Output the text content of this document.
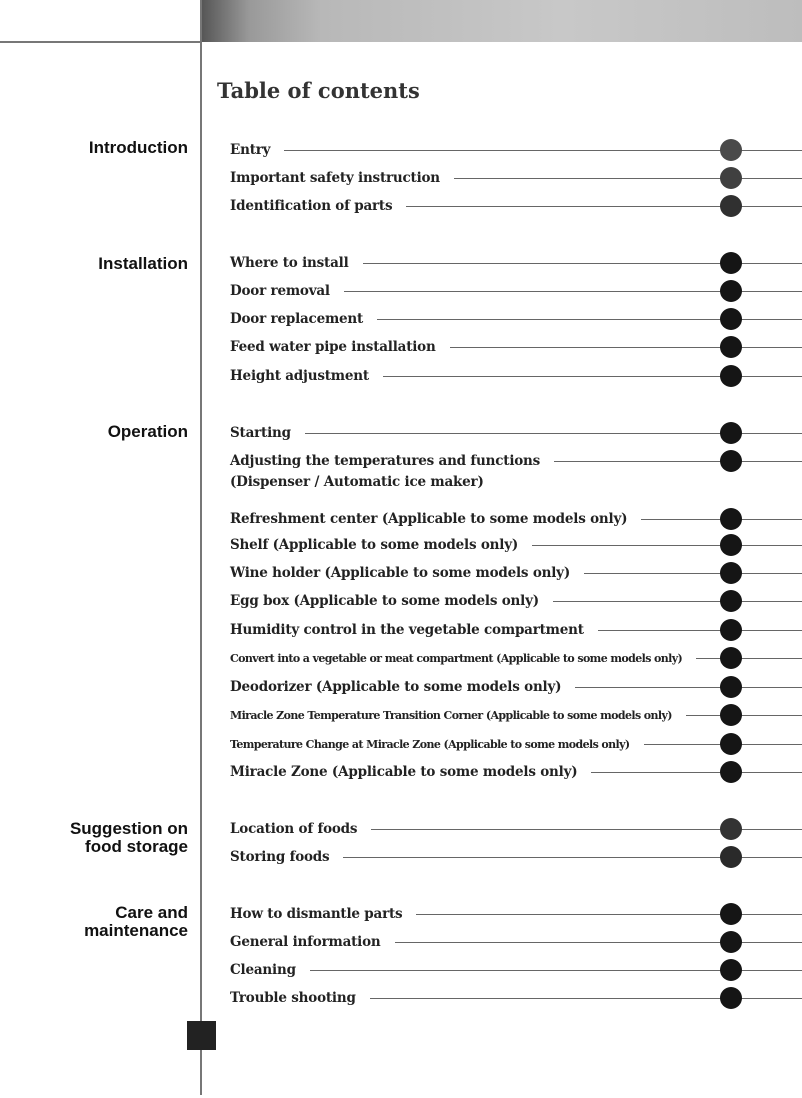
Table of contents
Introduction
Installation
Operation
Suggestion on
food storage
Care and
maintenance
Entry
Important safety instruction
Identification of parts
Where to install
Door removal
Door replacement
Feed water pipe installation
Height adjustment
Starting
Adjusting the temperatures and functions
Refreshment center (Applicable to some models only)
Shelf (Applicable to some models only)
Wine holder (Applicable to some models only)
Egg box (Applicable to some models only)
Humidity control in the vegetable compartment
Convert into a vegetable or meat compartment (Applicable to some models only)
Deodorizer (Applicable to some models only)
Miracle Zone Temperature Transition Corner (Applicable to some models only)
Temperature Change at Miracle Zone (Applicable to some models only)
Miracle Zone (Applicable to some models only)
Location of foods
Storing foods
How to dismantle parts
General information
Cleaning
Trouble shooting
(Dispenser / Automatic ice maker)
